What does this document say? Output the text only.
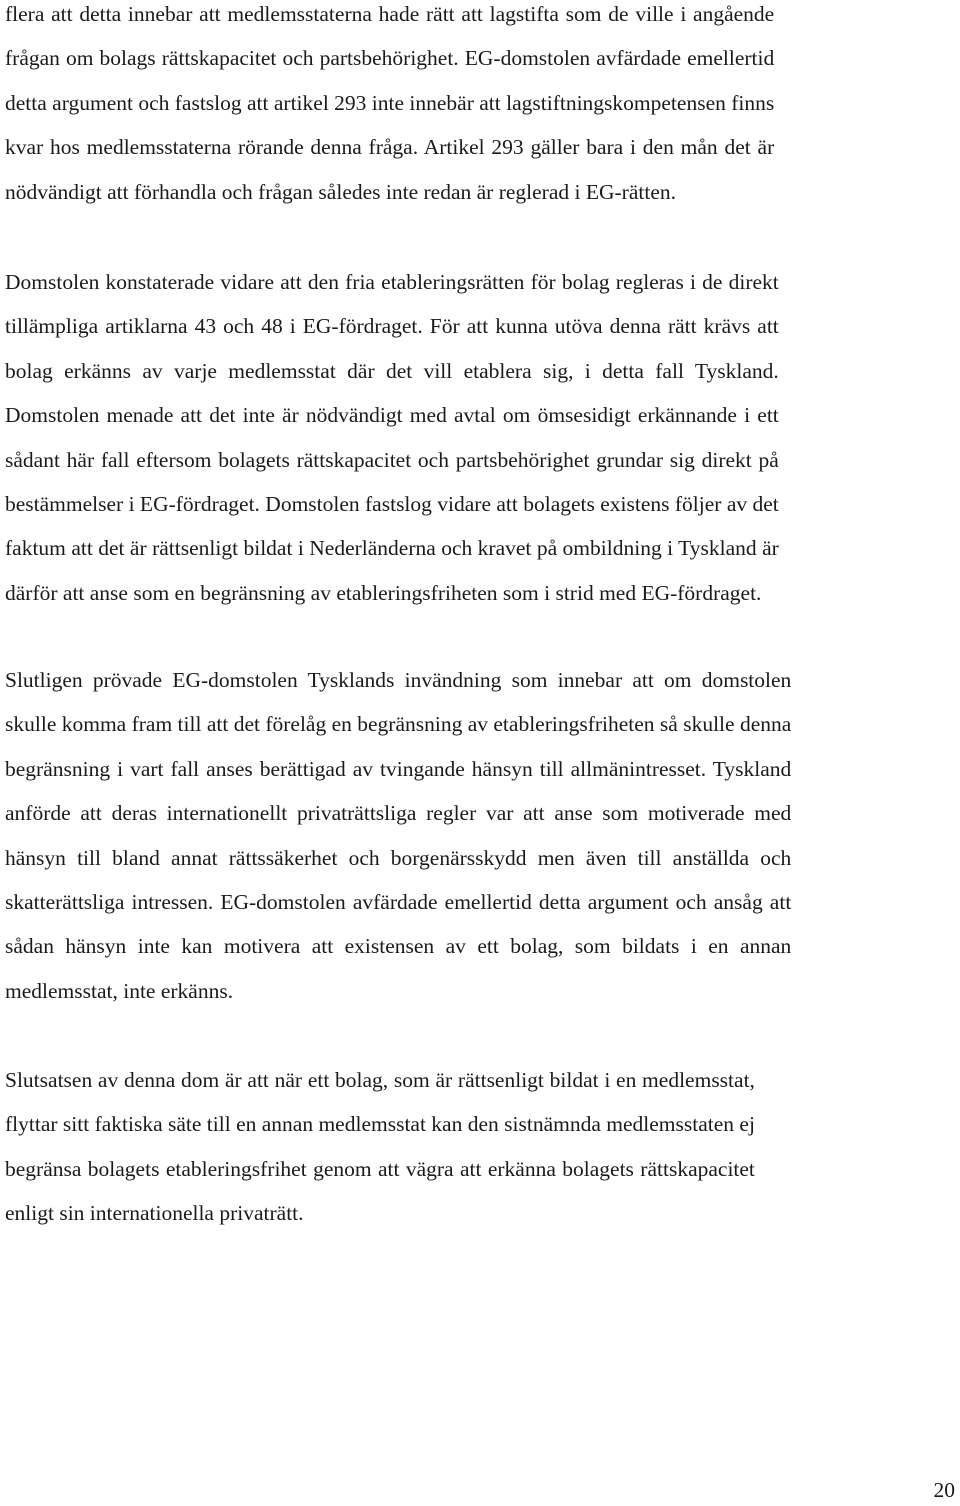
flera att detta innebar att medlemsstaterna hade rätt att lagstifta som de ville i angående
frågan om bolags rättskapacitet och partsbehörighet. EG-domstolen avfärdade emellertid
detta argument och fastslog att artikel 293 inte innebär att lagstiftningskompetensen finns
kvar hos medlemsstaterna rörande denna fråga. Artikel 293 gäller bara i den mån det är
nödvändigt att förhandla och frågan således inte redan är reglerad i EG-rätten.

Domstolen konstaterade vidare att den fria etableringsrätten för bolag regleras i de direkt
tillämpliga artiklarna 43 och 48 i EG-fördraget. För att kunna utöva denna rätt krävs att
bolag erkänns av varje medlemsstat där det vill etablera sig, i detta fall Tyskland.
Domstolen menade att det inte är nödvändigt med avtal om ömsesidigt erkännande i ett
sådant här fall eftersom bolagets rättskapacitet och partsbehörighet grundar sig direkt på
bestämmelser i EG-fördraget. Domstolen fastslog vidare att bolagets existens följer av det
faktum att det är rättsenligt bildat i Nederländerna och kravet på ombildning i Tyskland är
därför att anse som en begränsning av etableringsfriheten som i strid med EG-fördraget.

Slutligen prövade EG-domstolen Tysklands invändning som innebar att om domstolen
skulle komma fram till att det förelåg en begränsning av etableringsfriheten så skulle denna
begränsning i vart fall anses berättigad av tvingande hänsyn till allmänintresset. Tyskland
anförde att deras internationellt privaträttsliga regler var att anse som motiverade med
hänsyn till bland annat rättssäkerhet och borgenärsskydd men även till anställda och
skatterättsliga intressen. EG-domstolen avfärdade emellertid detta argument och ansåg att
sådan hänsyn inte kan motivera att existensen av ett bolag, som bildats i en annan
medlemsstat, inte erkänns.

Slutsatsen av denna dom är att när ett bolag, som är rättsenligt bildat i en medlemsstat,
flyttar sitt faktiska säte till en annan medlemsstat kan den sistnämnda medlemsstaten ej
begränsa bolagets etableringsfrihet genom att vägra att erkänna bolagets rättskapacitet
enligt sin internationella privaträtt.

20
